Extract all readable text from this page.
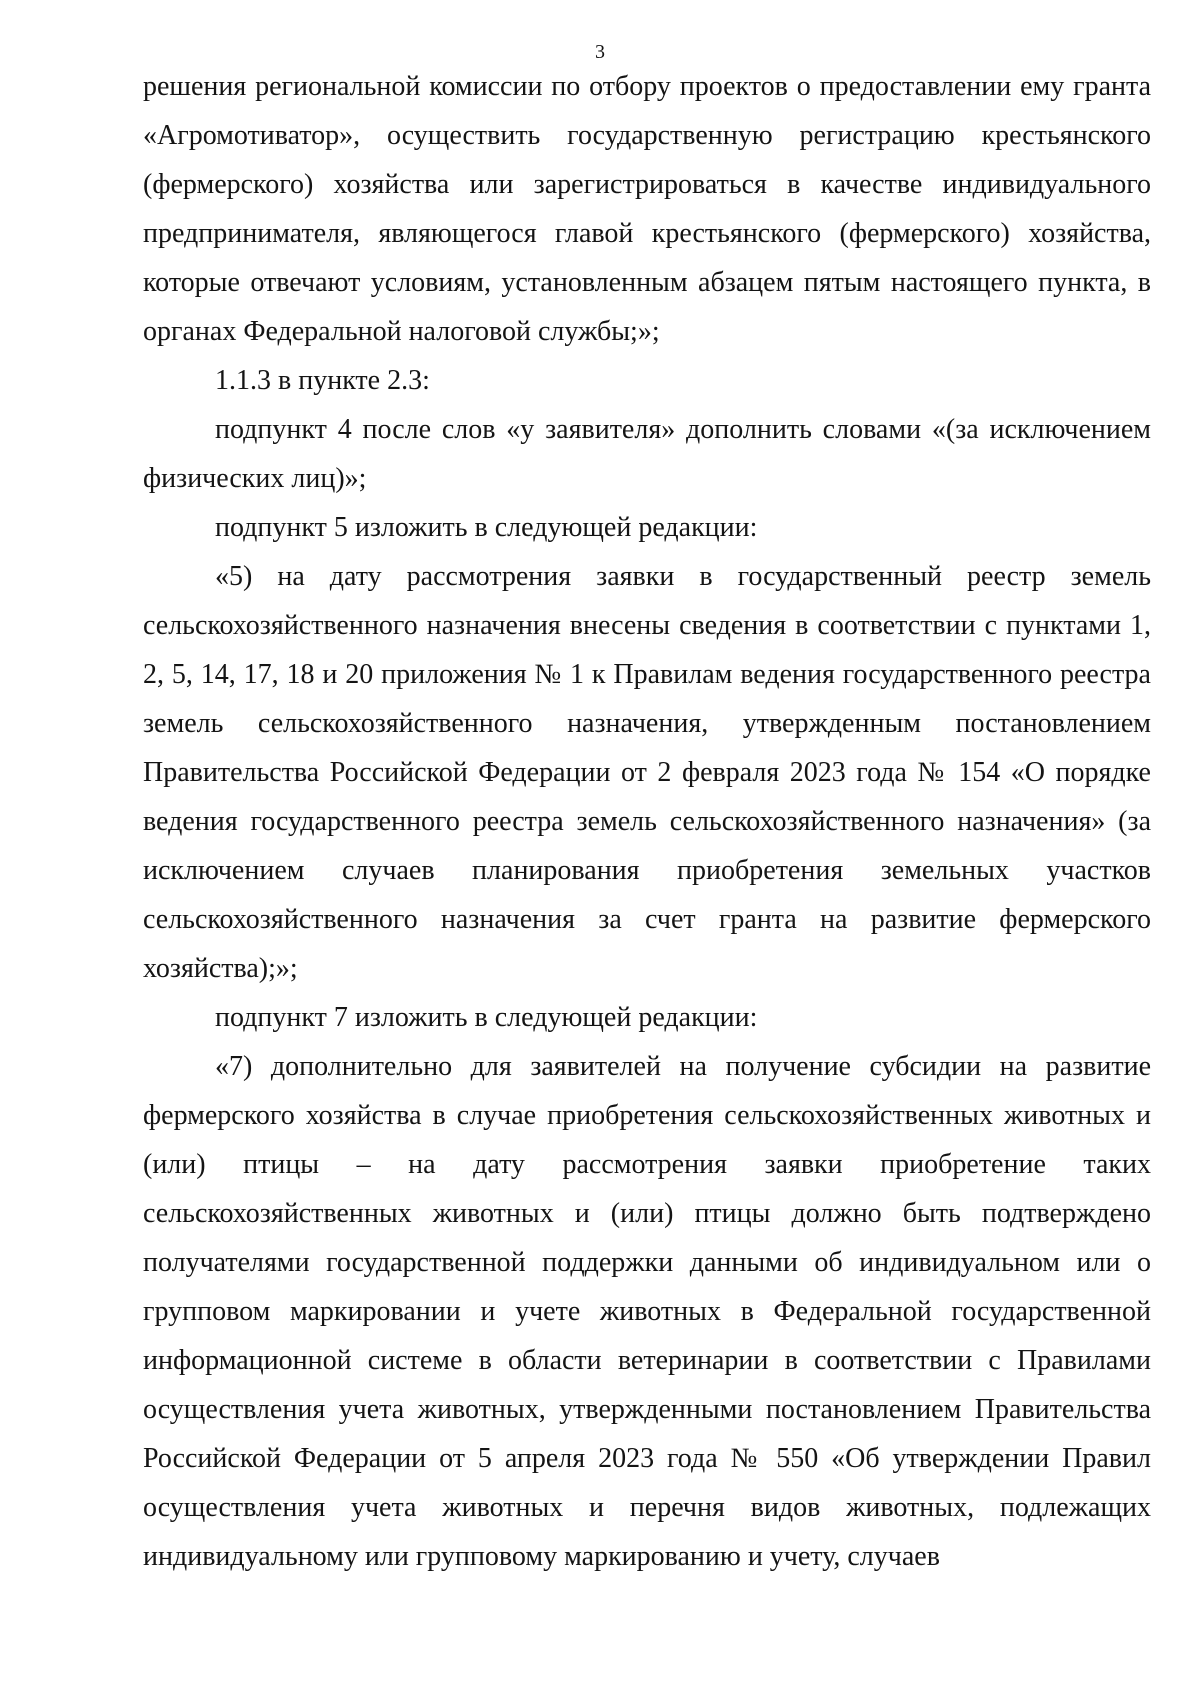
3

решения региональной комиссии по отбору проектов о предоставлении ему гранта «Агромотиватор», осуществить государственную регистрацию крестьянского (фермерского) хозяйства или зарегистрироваться в качестве индивидуального предпринимателя, являющегося главой крестьянского (фермерского) хозяйства, которые отвечают условиям, установленным абзацем пятым настоящего пункта, в органах Федеральной налоговой службы;»;

1.1.3 в пункте 2.3:

подпункт 4 после слов «у заявителя» дополнить словами «(за исключением физических лиц)»;

подпункт 5 изложить в следующей редакции:

«5) на дату рассмотрения заявки в государственный реестр земель сельскохозяйственного назначения внесены сведения в соответствии с пунктами 1, 2, 5, 14, 17, 18 и 20 приложения № 1 к Правилам ведения государственного реестра земель сельскохозяйственного назначения, утвержденным постановлением Правительства Российской Федерации от 2 февраля 2023 года № 154 «О порядке ведения государственного реестра земель сельскохозяйственного назначения» (за исключением случаев планирования приобретения земельных участков сельскохозяйственного назначения за счет гранта на развитие фермерского хозяйства);»;

подпункт 7 изложить в следующей редакции:

«7) дополнительно для заявителей на получение субсидии на развитие фермерского хозяйства в случае приобретения сельскохозяйственных животных и (или) птицы – на дату рассмотрения заявки приобретение таких сельскохозяйственных животных и (или) птицы должно быть подтверждено получателями государственной поддержки данными об индивидуальном или о групповом маркировании и учете животных в Федеральной государственной информационной системе в области ветеринарии в соответствии с Правилами осуществления учета животных, утвержденными постановлением Правительства Российской Федерации от 5 апреля 2023 года № 550 «Об утверждении Правил осуществления учета животных и перечня видов животных, подлежащих индивидуальному или групповому маркированию и учету, случаев
